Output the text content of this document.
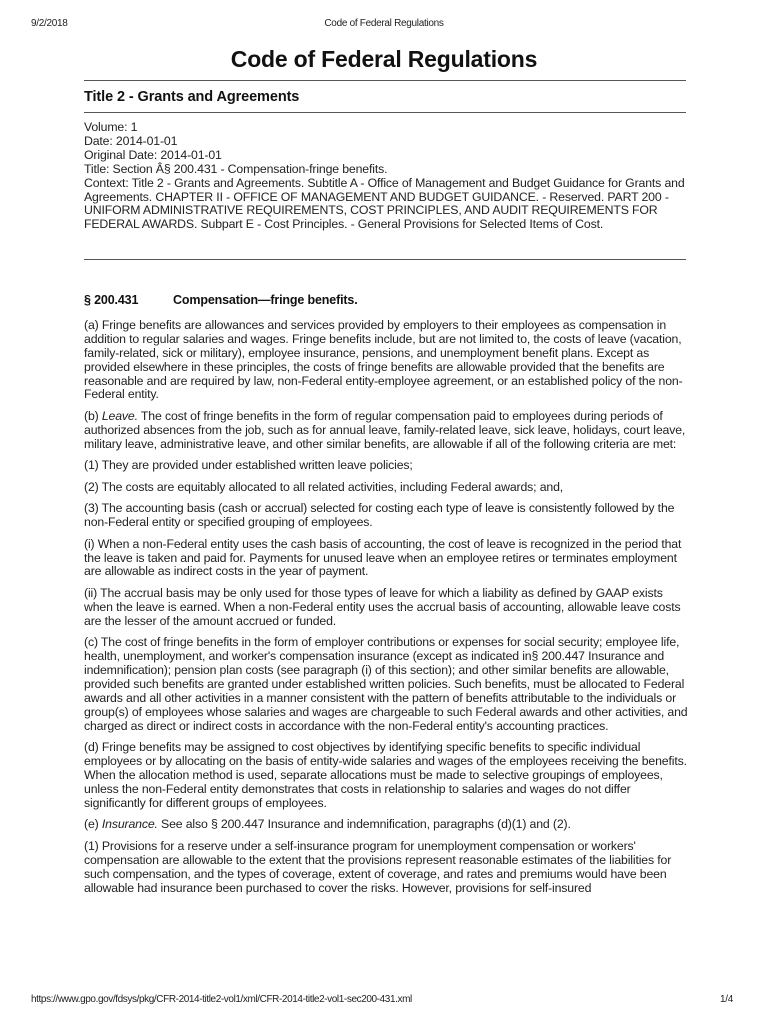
9/2/2018	Code of Federal Regulations
Code of Federal Regulations
Title 2 - Grants and Agreements
Volume: 1
Date: 2014-01-01
Original Date: 2014-01-01
Title: Section Â§ 200.431 - Compensation-fringe benefits.
Context: Title 2 - Grants and Agreements. Subtitle A - Office of Management and Budget Guidance for Grants and Agreements. CHAPTER II - OFFICE OF MANAGEMENT AND BUDGET GUIDANCE. - Reserved. PART 200 - UNIFORM ADMINISTRATIVE REQUIREMENTS, COST PRINCIPLES, AND AUDIT REQUIREMENTS FOR FEDERAL AWARDS. Subpart E - Cost Principles. - General Provisions for Selected Items of Cost.
§ 200.431	Compensation—fringe benefits.

(a) Fringe benefits are allowances and services provided by employers to their employees as compensation in addition to regular salaries and wages. Fringe benefits include, but are not limited to, the costs of leave (vacation, family-related, sick or military), employee insurance, pensions, and unemployment benefit plans. Except as provided elsewhere in these principles, the costs of fringe benefits are allowable provided that the benefits are reasonable and are required by law, non-Federal entity-employee agreement, or an established policy of the non-Federal entity.

(b) Leave. The cost of fringe benefits in the form of regular compensation paid to employees during periods of authorized absences from the job, such as for annual leave, family-related leave, sick leave, holidays, court leave, military leave, administrative leave, and other similar benefits, are allowable if all of the following criteria are met:

(1) They are provided under established written leave policies;

(2) The costs are equitably allocated to all related activities, including Federal awards; and,

(3) The accounting basis (cash or accrual) selected for costing each type of leave is consistently followed by the non-Federal entity or specified grouping of employees.

(i) When a non-Federal entity uses the cash basis of accounting, the cost of leave is recognized in the period that the leave is taken and paid for. Payments for unused leave when an employee retires or terminates employment are allowable as indirect costs in the year of payment.

(ii) The accrual basis may be only used for those types of leave for which a liability as defined by GAAP exists when the leave is earned. When a non-Federal entity uses the accrual basis of accounting, allowable leave costs are the lesser of the amount accrued or funded.

(c) The cost of fringe benefits in the form of employer contributions or expenses for social security; employee life, health, unemployment, and worker's compensation insurance (except as indicated in§ 200.447 Insurance and indemnification); pension plan costs (see paragraph (i) of this section); and other similar benefits are allowable, provided such benefits are granted under established written policies. Such benefits, must be allocated to Federal awards and all other activities in a manner consistent with the pattern of benefits attributable to the individuals or group(s) of employees whose salaries and wages are chargeable to such Federal awards and other activities, and charged as direct or indirect costs in accordance with the non-Federal entity's accounting practices.

(d) Fringe benefits may be assigned to cost objectives by identifying specific benefits to specific individual employees or by allocating on the basis of entity-wide salaries and wages of the employees receiving the benefits. When the allocation method is used, separate allocations must be made to selective groupings of employees, unless the non-Federal entity demonstrates that costs in relationship to salaries and wages do not differ significantly for different groups of employees.

(e) Insurance. See also § 200.447 Insurance and indemnification, paragraphs (d)(1) and (2).

(1) Provisions for a reserve under a self-insurance program for unemployment compensation or workers' compensation are allowable to the extent that the provisions represent reasonable estimates of the liabilities for such compensation, and the types of coverage, extent of coverage, and rates and premiums would have been allowable had insurance been purchased to cover the risks. However, provisions for self-insured

https://www.gpo.gov/fdsys/pkg/CFR-2014-title2-vol1/xml/CFR-2014-title2-vol1-sec200-431.xml	1/4
